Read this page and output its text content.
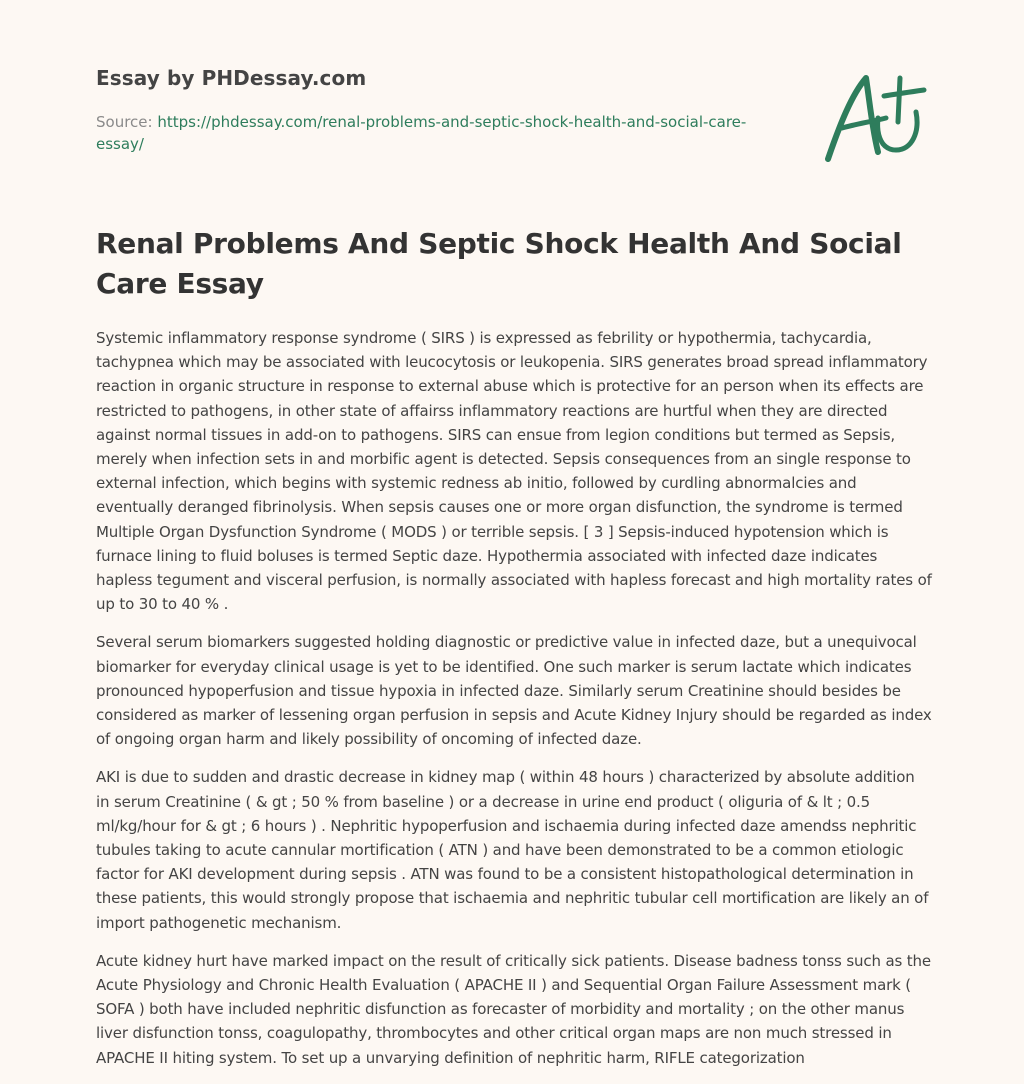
Essay by PHDessay.com
Source: https://phdessay.com/renal-problems-and-septic-shock-health-and-social-care-essay/
Renal Problems And Septic Shock Health And Social Care Essay

Systemic inflammatory response syndrome ( SIRS ) is expressed as febrility or hypothermia, tachycardia, tachypnea which may be associated with leucocytosis or leukopenia. SIRS generates broad spread inflammatory reaction in organic structure in response to external abuse which is protective for an person when its effects are restricted to pathogens, in other state of affairss inflammatory reactions are hurtful when they are directed against normal tissues in add-on to pathogens. SIRS can ensue from legion conditions but termed as Sepsis, merely when infection sets in and morbific agent is detected. Sepsis consequences from an single response to external infection, which begins with systemic redness ab initio, followed by curdling abnormalcies and eventually deranged fibrinolysis. When sepsis causes one or more organ disfunction, the syndrome is termed Multiple Organ Dysfunction Syndrome ( MODS ) or terrible sepsis. [ 3 ] Sepsis-induced hypotension which is furnace lining to fluid boluses is termed Septic daze. Hypothermia associated with infected daze indicates hapless tegument and visceral perfusion, is normally associated with hapless forecast and high mortality rates of up to 30 to 40 % .

Several serum biomarkers suggested holding diagnostic or predictive value in infected daze, but a unequivocal biomarker for everyday clinical usage is yet to be identified. One such marker is serum lactate which indicates pronounced hypoperfusion and tissue hypoxia in infected daze. Similarly serum Creatinine should besides be considered as marker of lessening organ perfusion in sepsis and Acute Kidney Injury should be regarded as index of ongoing organ harm and likely possibility of oncoming of infected daze.

AKI is due to sudden and drastic decrease in kidney map ( within 48 hours ) characterized by absolute addition in serum Creatinine ( & gt ; 50 % from baseline ) or a decrease in urine end product ( oliguria of & lt ; 0.5 ml/kg/hour for & gt ; 6 hours ) . Nephritic hypoperfusion and ischaemia during infected daze amendss nephritic tubules taking to acute cannular mortification ( ATN ) and have been demonstrated to be a common etiologic factor for AKI development during sepsis . ATN was found to be a consistent histopathological determination in these patients, this would strongly propose that ischaemia and nephritic tubular cell mortification are likely an of import pathogenetic mechanism.

Acute kidney hurt have marked impact on the result of critically sick patients. Disease badness tonss such as the Acute Physiology and Chronic Health Evaluation ( APACHE II ) and Sequential Organ Failure Assessment mark ( SOFA ) both have included nephritic disfunction as forecaster of morbidity and mortality ; on the other manus liver disfunction tonss, coagulopathy, thrombocytes and other critical organ maps are non much stressed in APACHE II hiting system. To set up a unvarying definition of nephritic harm, RIFLE categorization
